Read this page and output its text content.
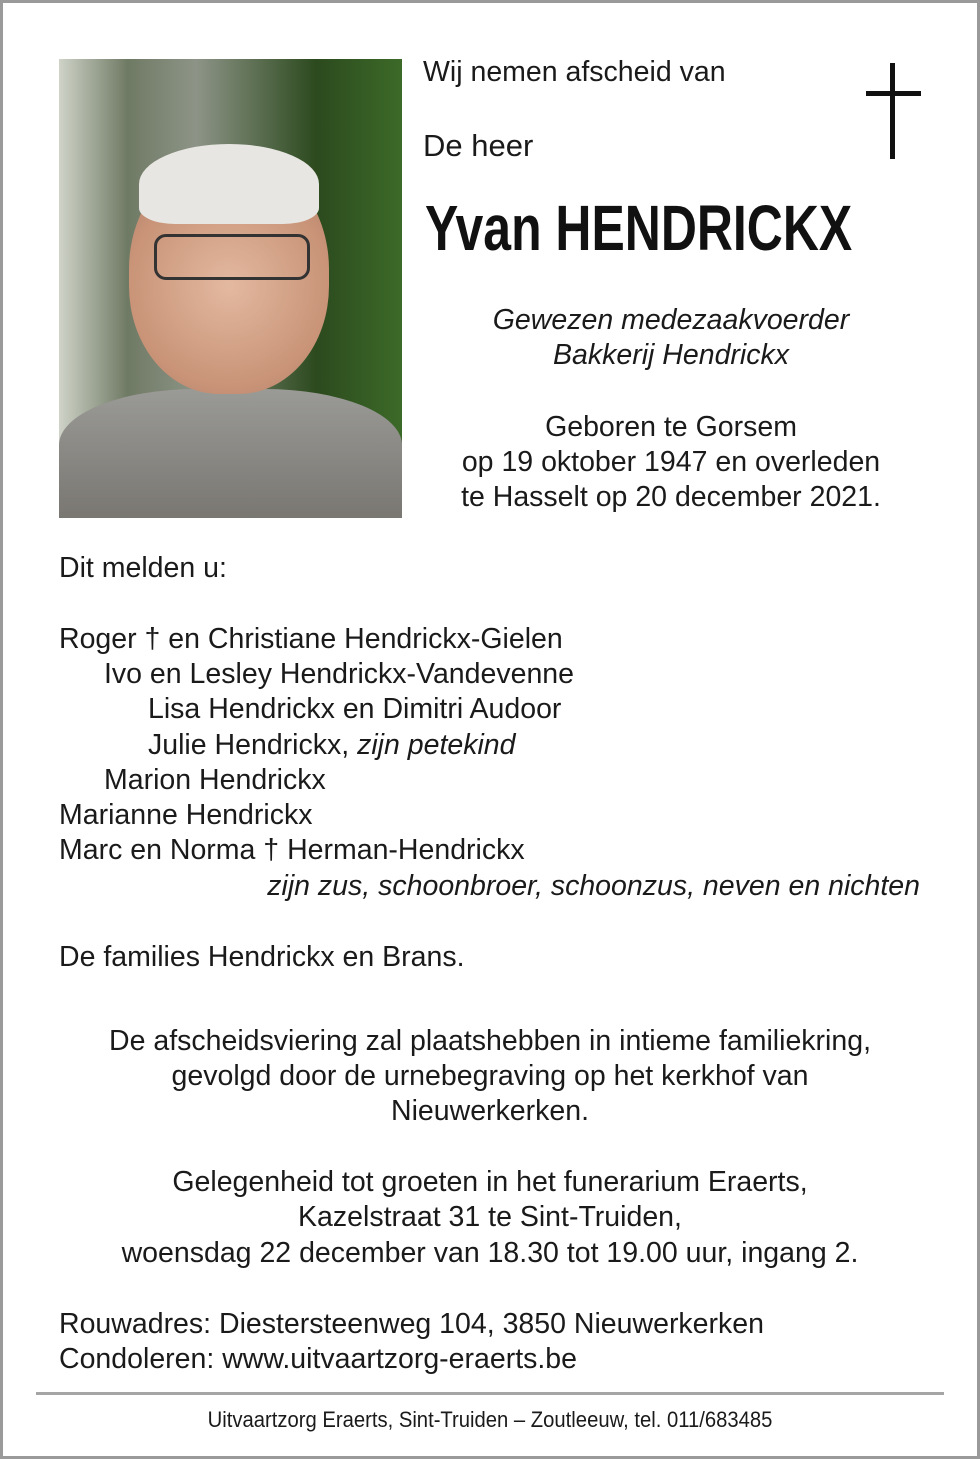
Wij nemen afscheid van
De heer
Yvan HENDRICKX
Gewezen medezaakvoerder
Bakkerij Hendrickx
Geboren te Gorsem
op 19 oktober 1947 en overleden
te Hasselt op 20 december 2021.
Dit melden u:
Roger † en Christiane Hendrickx-Gielen
Ivo en Lesley Hendrickx-Vandevenne
Lisa Hendrickx en Dimitri Audoor
Julie Hendrickx, zijn petekind
Marion Hendrickx
Marianne Hendrickx
Marc en Norma † Herman-Hendrickx
zijn zus, schoonbroer, schoonzus, neven en nichten
De families Hendrickx en Brans.
De afscheidsviering zal plaatshebben in intieme familiekring,
gevolgd door de urnebegraving op het kerkhof van
Nieuwerkerken.
Gelegenheid tot groeten in het funerarium Eraerts,
Kazelstraat 31 te Sint-Truiden,
woensdag 22 december van 18.30 tot 19.00 uur, ingang 2.
Rouwadres: Diestersteenweg 104, 3850 Nieuwerkerken
Condoleren: www.uitvaartzorg-eraerts.be
Uitvaartzorg Eraerts, Sint-Truiden – Zoutleeuw, tel. 011/683485
